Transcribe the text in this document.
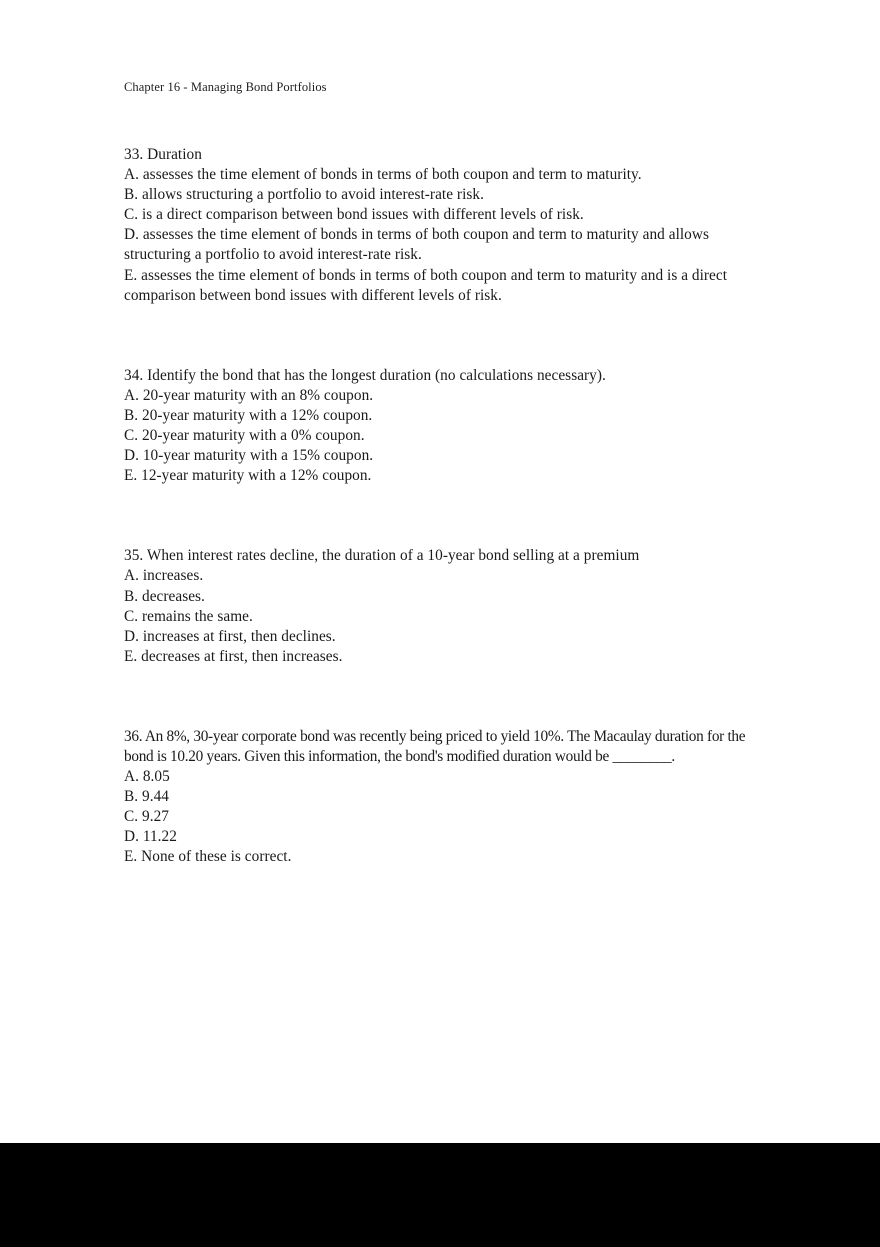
Chapter 16 - Managing Bond Portfolios

33. Duration

A. assesses the time element of bonds in terms of both coupon and term to maturity.

B. allows structuring a portfolio to avoid interest-rate risk.

C. is a direct comparison between bond issues with different levels of risk.

D. assesses the time element of bonds in terms of both coupon and term to maturity and allows structuring a portfolio to avoid interest-rate risk.

E. assesses the time element of bonds in terms of both coupon and term to maturity and is a direct comparison between bond issues with different levels of risk.

34. Identify the bond that has the longest duration (no calculations necessary).

A. 20-year maturity with an 8% coupon.

B. 20-year maturity with a 12% coupon.

C. 20-year maturity with a 0% coupon.

D. 10-year maturity with a 15% coupon.

E. 12-year maturity with a 12% coupon.

35. When interest rates decline, the duration of a 10-year bond selling at a premium

A. increases.

B. decreases.

C. remains the same.

D. increases at first, then declines.

E. decreases at first, then increases.

36. An 8%, 30-year corporate bond was recently being priced to yield 10%. The Macaulay duration for the bond is 10.20 years. Given this information, the bond's modified duration would be ________.

A. 8.05

B. 9.44

C. 9.27

D. 11.22

E. None of these is correct.
